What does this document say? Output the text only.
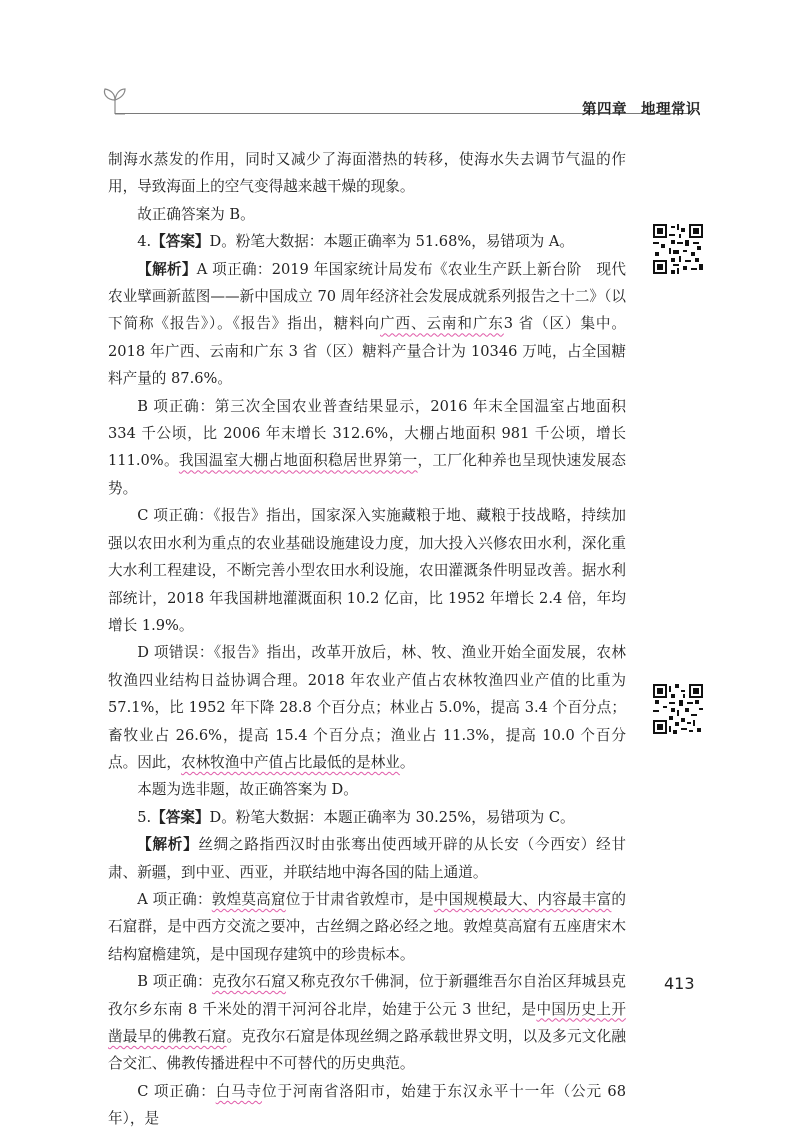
第四章 地理常识

制海水蒸发的作用，同时又减少了海面潜热的转移，使海水失去调节气温的作用，导致海面上的空气变得越来越干燥的现象。

故正确答案为 B。

4.【答案】D。粉笔大数据：本题正确率为 51.68%，易错项为 A。

【解析】A 项正确：2019 年国家统计局发布《农业生产跃上新台阶　现代农业擘画新蓝图——新中国成立 70 周年经济社会发展成就系列报告之十二》（以下简称《报告》）。《报告》指出，糖料向广西、云南和广东3 省（区）集中。2018 年广西、云南和广东 3 省（区）糖料产量合计为 10346 万吨，占全国糖料产量的 87.6%。

B 项正确：第三次全国农业普查结果显示，2016 年末全国温室占地面积 334 千公顷，比 2006 年末增长 312.6%，大棚占地面积 981 千公顷，增长 111.0%。我国温室大棚占地面积稳居世界第一，工厂化种养也呈现快速发展态势。

C 项正确：《报告》指出，国家深入实施藏粮于地、藏粮于技战略，持续加强以农田水利为重点的农业基础设施建设力度，加大投入兴修农田水利，深化重大水利工程建设，不断完善小型农田水利设施，农田灌溉条件明显改善。据水利部统计，2018 年我国耕地灌溉面积 10.2 亿亩，比 1952 年增长 2.4 倍，年均增长 1.9%。

D 项错误：《报告》指出，改革开放后，林、牧、渔业开始全面发展，农林牧渔四业结构日益协调合理。2018 年农业产值占农林牧渔四业产值的比重为 57.1%，比 1952 年下降 28.8 个百分点；林业占 5.0%，提高 3.4 个百分点；畜牧业占 26.6%，提高 15.4 个百分点；渔业占 11.3%，提高 10.0 个百分点。因此，农林牧渔中产值占比最低的是林业。

本题为选非题，故正确答案为 D。

5.【答案】D。粉笔大数据：本题正确率为 30.25%，易错项为 C。

【解析】丝绸之路指西汉时由张骞出使西域开辟的从长安（今西安）经甘肃、新疆，到中亚、西亚，并联结地中海各国的陆上通道。

A 项正确：敦煌莫高窟位于甘肃省敦煌市，是中国规模最大、内容最丰富的石窟群，是中西方交流之要冲，古丝绸之路必经之地。敦煌莫高窟有五座唐宋木结构窟檐建筑，是中国现存建筑中的珍贵标本。

B 项正确：克孜尔石窟又称克孜尔千佛洞，位于新疆维吾尔自治区拜城县克孜尔乡东南 8 千米处的渭干河河谷北岸，始建于公元 3 世纪，是中国历史上开凿最早的佛教石窟。克孜尔石窟是体现丝绸之路承载世界文明，以及多元文化融合交汇、佛教传播进程中不可替代的历史典范。

C 项正确：白马寺位于河南省洛阳市，始建于东汉永平十一年（公元 68 年），是

413
